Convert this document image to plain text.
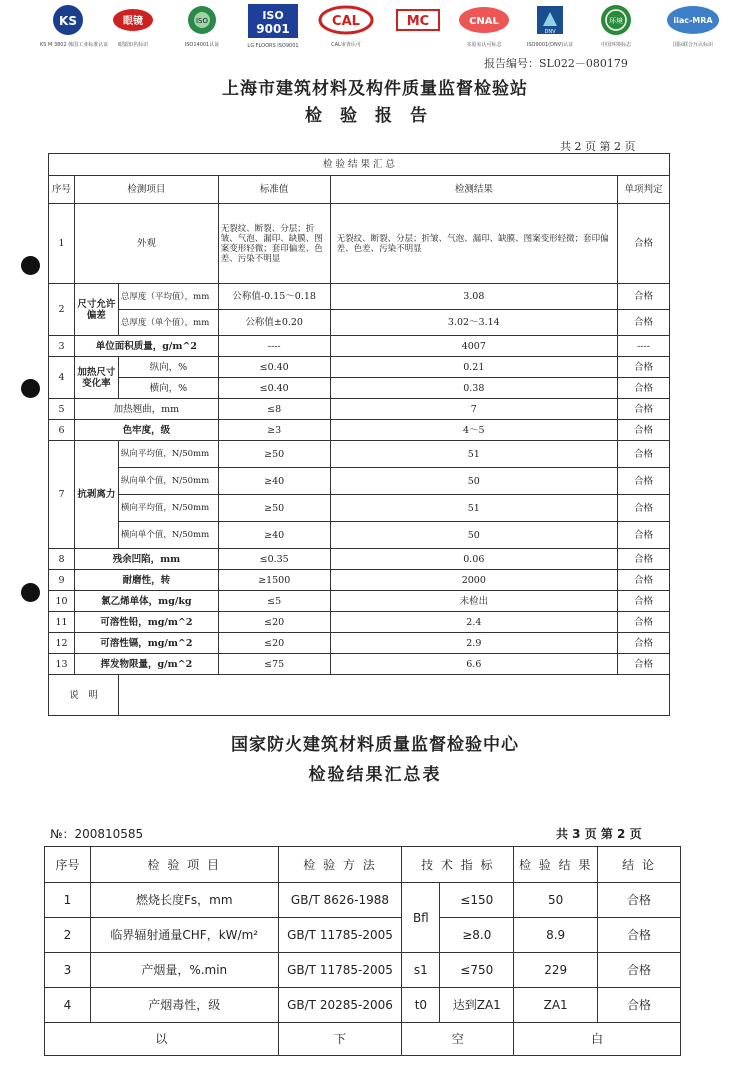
KS
KS M 3802 韩国工业标准认证
眼镜
眼镜知名标识
ISO
ISO14001认证
ISO
9001
LG FLOORS ISO9001
CAL
CAL审查认可
MC	CNAL
实验室认可标志
DNV
ISO9001(DNV)认证
环境
中国环境标志
ilac-MRA
国际联合互认标识
报告编号：SL022－080179
上海市建筑材料及构件质量监督检验站
检验报告
共 2 页 第 2 页
检 验 结 果 汇 总					
序号	检测项目		标准值	检测结果	单项判定
1	外观		无裂纹、断裂、分层；折皱、气泡、漏印、缺膜、图案变形轻微；套印偏差、色差、污染不明显	无裂纹、断裂、分层；折皱、气泡、漏印、缺膜、图案变形轻微；套印偏差、色差、污染不明显	合格
2	尺寸允许偏差	总厚度（平均值），mm	公称值-0.15～0.18	3.08	合格
		总厚度（单个值），mm	公称值±0.20	3.02～3.14	合格
3	单位面积质量，g/m^2		----	4007	----
4	加热尺寸变化率	纵向，%	≤0.40	0.21	合格
		横向，%	≤0.40	0.38	合格
5	加热翘曲，mm		≤8	7	合格
6	色牢度，级		≥3	4～5	合格
7	抗剥离力	纵向平均值，N/50mm	≥50	51	合格
		纵向单个值，N/50mm	≥40	50	合格
		横向平均值，N/50mm	≥50	51	合格
		横向单个值，N/50mm	≥40	50	合格
8	残余凹陷，mm		≤0.35	0.06	合格
9	耐磨性，转		≥1500	2000	合格
10	氯乙烯单体，mg/kg		≤5	未检出	合格
11	可溶性铅，mg/m^2		≤20	2.4	合格
12	可溶性镉，mg/m^2		≤20	2.9	合格
13	挥发物限量，g/m^2		≤75	6.6	合格
说　明					
国家防火建筑材料质量监督检验中心
检验结果汇总表
№：200810585	共 3 页 第 2 页
序号	检 验 项 目	检 验 方 法	技 术 指 标		检 验 结 果	结 论
1	燃烧长度Fs，mm	GB/T 8626-1988	Bfl	≤150	50	合格
2	临界辐射通量CHF，kW/m²	GB/T 11785-2005		≥8.0	8.9	合格
3	产烟量，%.min	GB/T 11785-2005	s1	≤750	229	合格
4	产烟毒性，级	GB/T 20285-2006	t0	达到ZA1	ZA1	合格
以		下	空		白	
